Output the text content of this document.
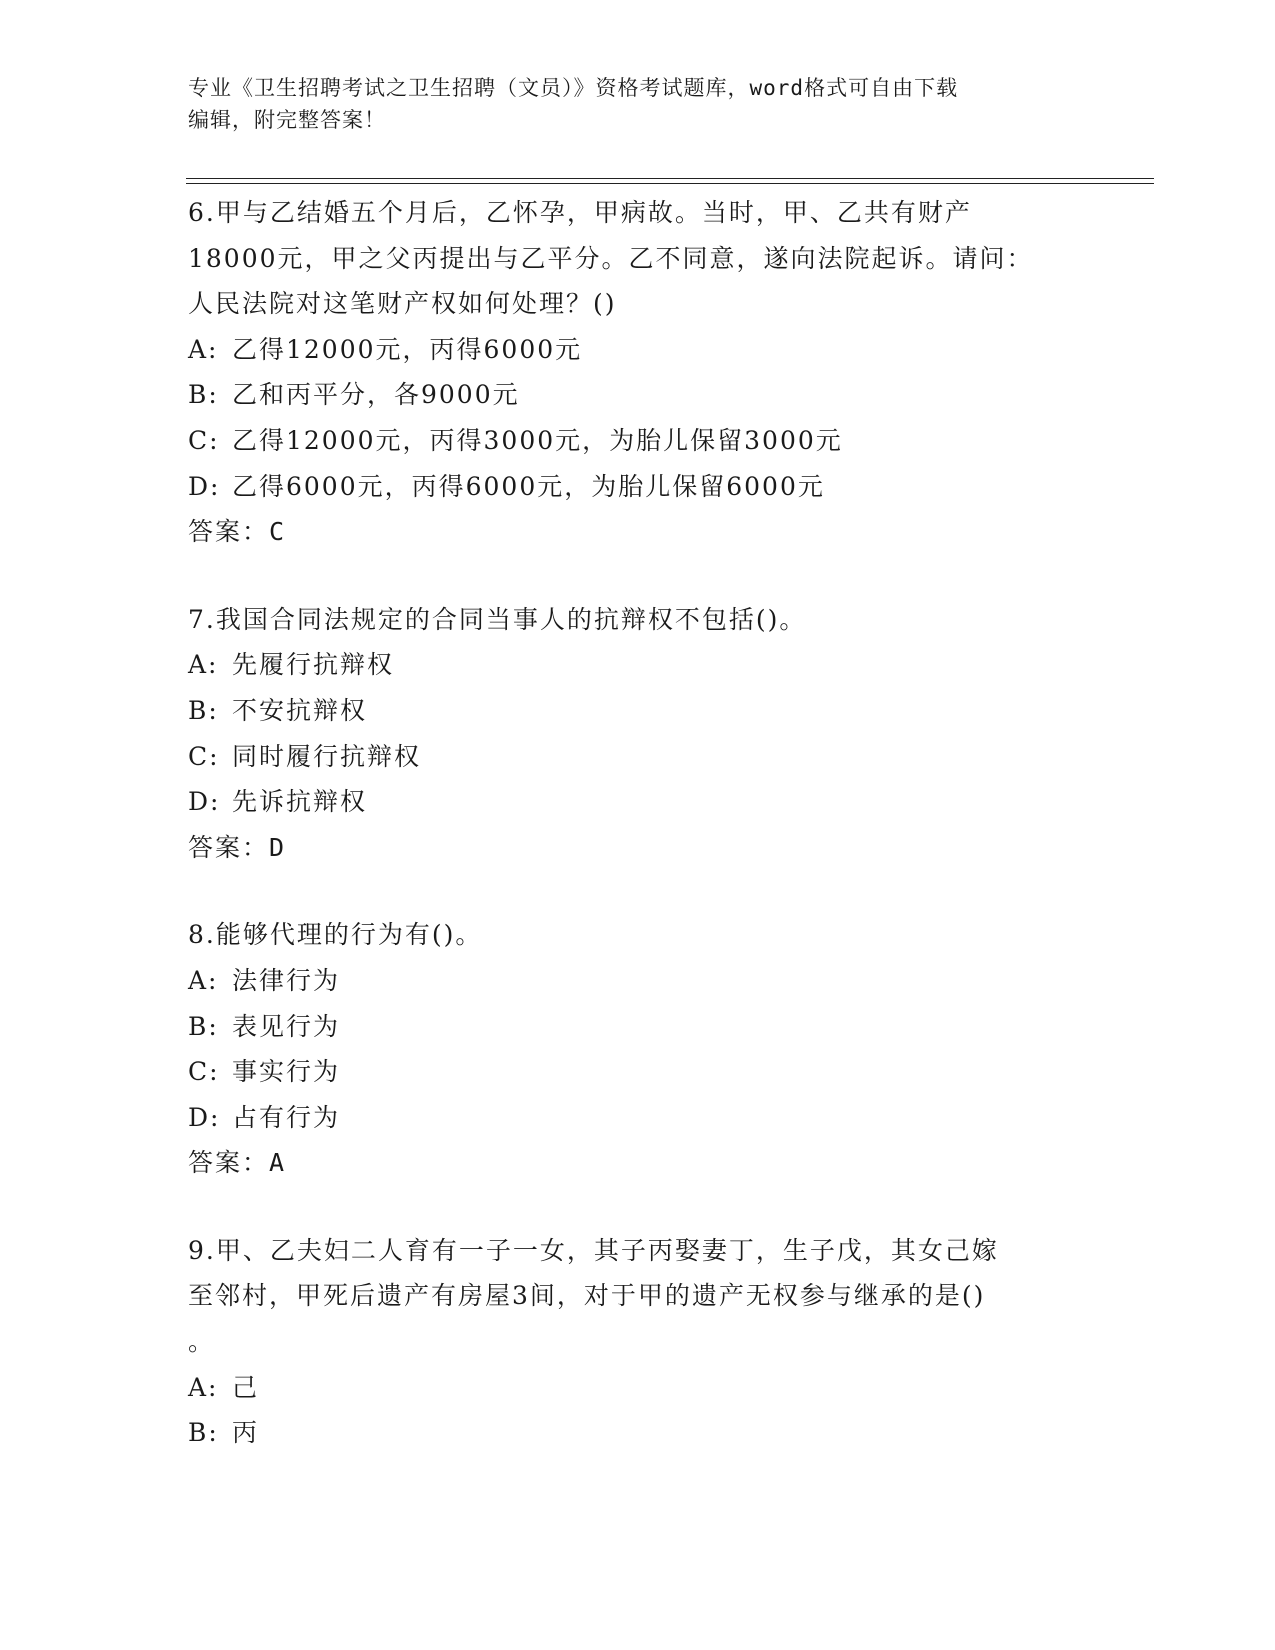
专业《卫生招聘考试之卫生招聘（文员）》资格考试题库，word格式可自由下载
编辑，附完整答案！
6.甲与乙结婚五个月后，乙怀孕，甲病故。当时，甲、乙共有财产
18000元，甲之父丙提出与乙平分。乙不同意，遂向法院起诉。请问：
人民法院对这笔财产权如何处理？()
A: 乙得12000元，丙得6000元
B: 乙和丙平分，各9000元
C: 乙得12000元，丙得3000元，为胎儿保留3000元
D: 乙得6000元，丙得6000元，为胎儿保留6000元
答案：C
7.我国合同法规定的合同当事人的抗辩权不包括()。
A: 先履行抗辩权
B: 不安抗辩权
C: 同时履行抗辩权
D: 先诉抗辩权
答案：D
8.能够代理的行为有()。
A: 法律行为
B: 表见行为
C: 事实行为
D: 占有行为
答案：A
9.甲、乙夫妇二人育有一子一女，其子丙娶妻丁，生子戊，其女己嫁
至邻村，甲死后遗产有房屋3间，对于甲的遗产无权参与继承的是()
。
A: 己
B: 丙
